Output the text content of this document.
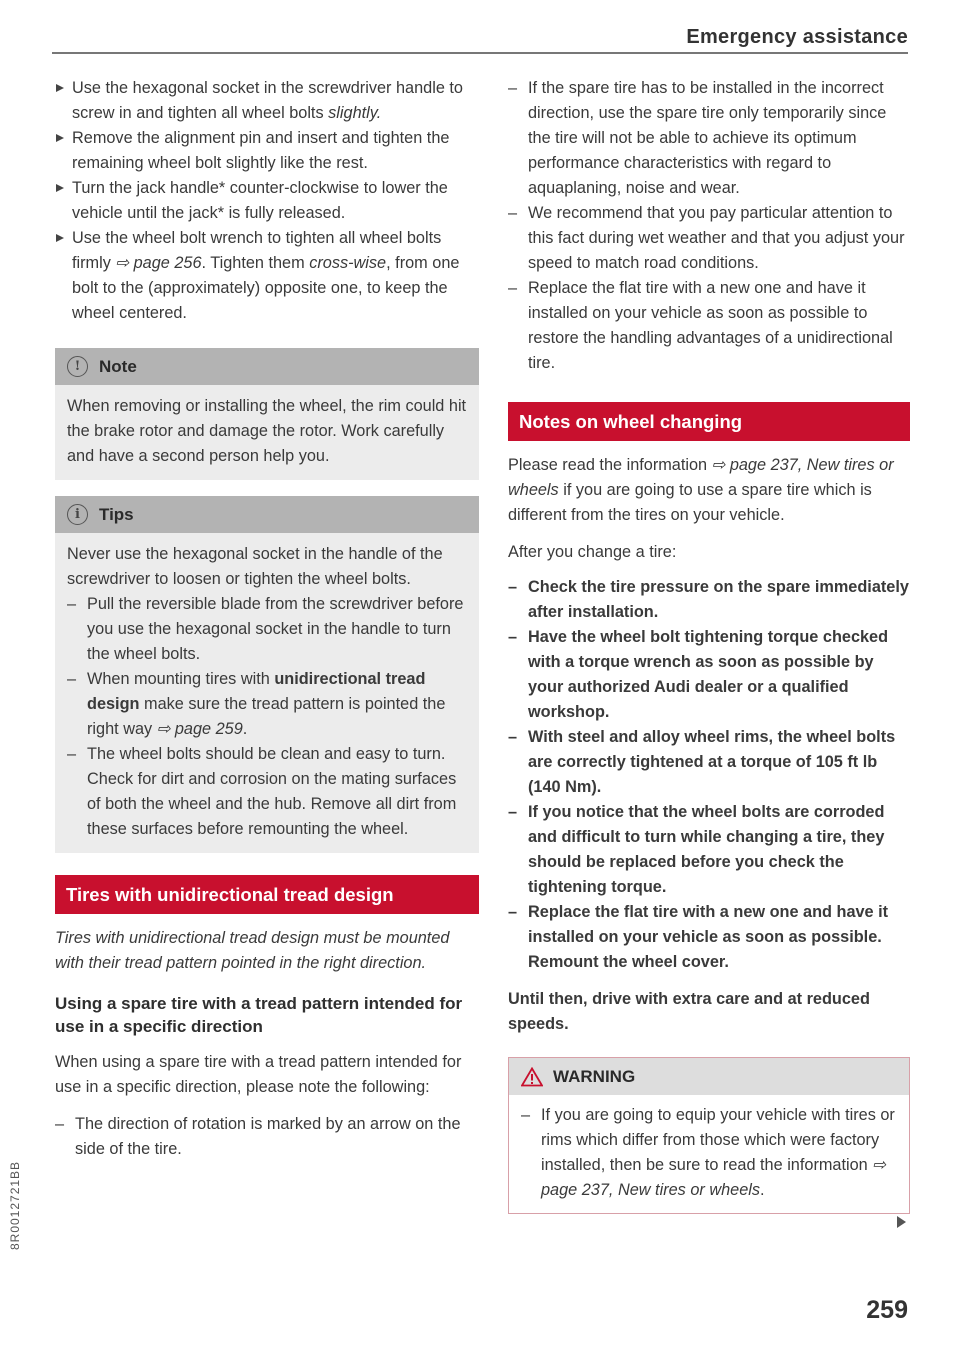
Emergency assistance

Use the hexagonal socket in the screwdriver handle to screw in and tighten all wheel bolts slightly.

Remove the alignment pin and insert and tighten the remaining wheel bolt slightly like the rest.

Turn the jack handle* counter-clockwise to lower the vehicle until the jack* is fully released.

Use the wheel bolt wrench to tighten all wheel bolts firmly ⇨ page 256. Tighten them cross-wise, from one bolt to the (approximately) opposite one, to keep the wheel centered.

!	Note
When removing or installing the wheel, the rim could hit the brake rotor and damage the rotor. Work carefully and have a second person help you.
i	Tips

Never use the hexagonal socket in the handle of the screwdriver to loosen or tighten the wheel bolts.

– Pull the reversible blade from the screwdriver before you use the hexagonal socket in the handle to turn the wheel bolts.

– When mounting tires with unidirectional tread design make sure the tread pattern is pointed the right way ⇨ page 259.

– The wheel bolts should be clean and easy to turn. Check for dirt and corrosion on the mating surfaces of both the wheel and the hub. Remove all dirt from these surfaces before remounting the wheel.

Tires with unidirectional tread design

Tires with unidirectional tread design must be mounted with their tread pattern pointed in the right direction.

Using a spare tire with a tread pattern intended for use in a specific direction

When using a spare tire with a tread pattern intended for use in a specific direction, please note the following:

– The direction of rotation is marked by an arrow on the side of the tire.

– If the spare tire has to be installed in the incorrect direction, use the spare tire only temporarily since the tire will not be able to achieve its optimum performance characteristics with regard to aquaplaning, noise and wear.

– We recommend that you pay particular attention to this fact during wet weather and that you adjust your speed to match road conditions.

– Replace the flat tire with a new one and have it installed on your vehicle as soon as possible to restore the handling advantages of a unidirectional tire.

Notes on wheel changing

Please read the information ⇨ page 237, New tires or wheels if you are going to use a spare tire which is different from the tires on your vehicle.

After you change a tire:

– Check the tire pressure on the spare immediately after installation.

– Have the wheel bolt tightening torque checked with a torque wrench as soon as possible by your authorized Audi dealer or a qualified workshop.

– With steel and alloy wheel rims, the wheel bolts are correctly tightened at a torque of 105 ft lb (140 Nm).

– If you notice that the wheel bolts are corroded and difficult to turn while changing a tire, they should be replaced before you check the tightening torque.

– Replace the flat tire with a new one and have it installed on your vehicle as soon as possible. Remount the wheel cover.

Until then, drive with extra care and at reduced speeds.

WARNING

– If you are going to equip your vehicle with tires or rims which differ from those which were factory installed, then be sure to read the information ⇨ page 237, New tires or wheels.

259
8R0012721BB
